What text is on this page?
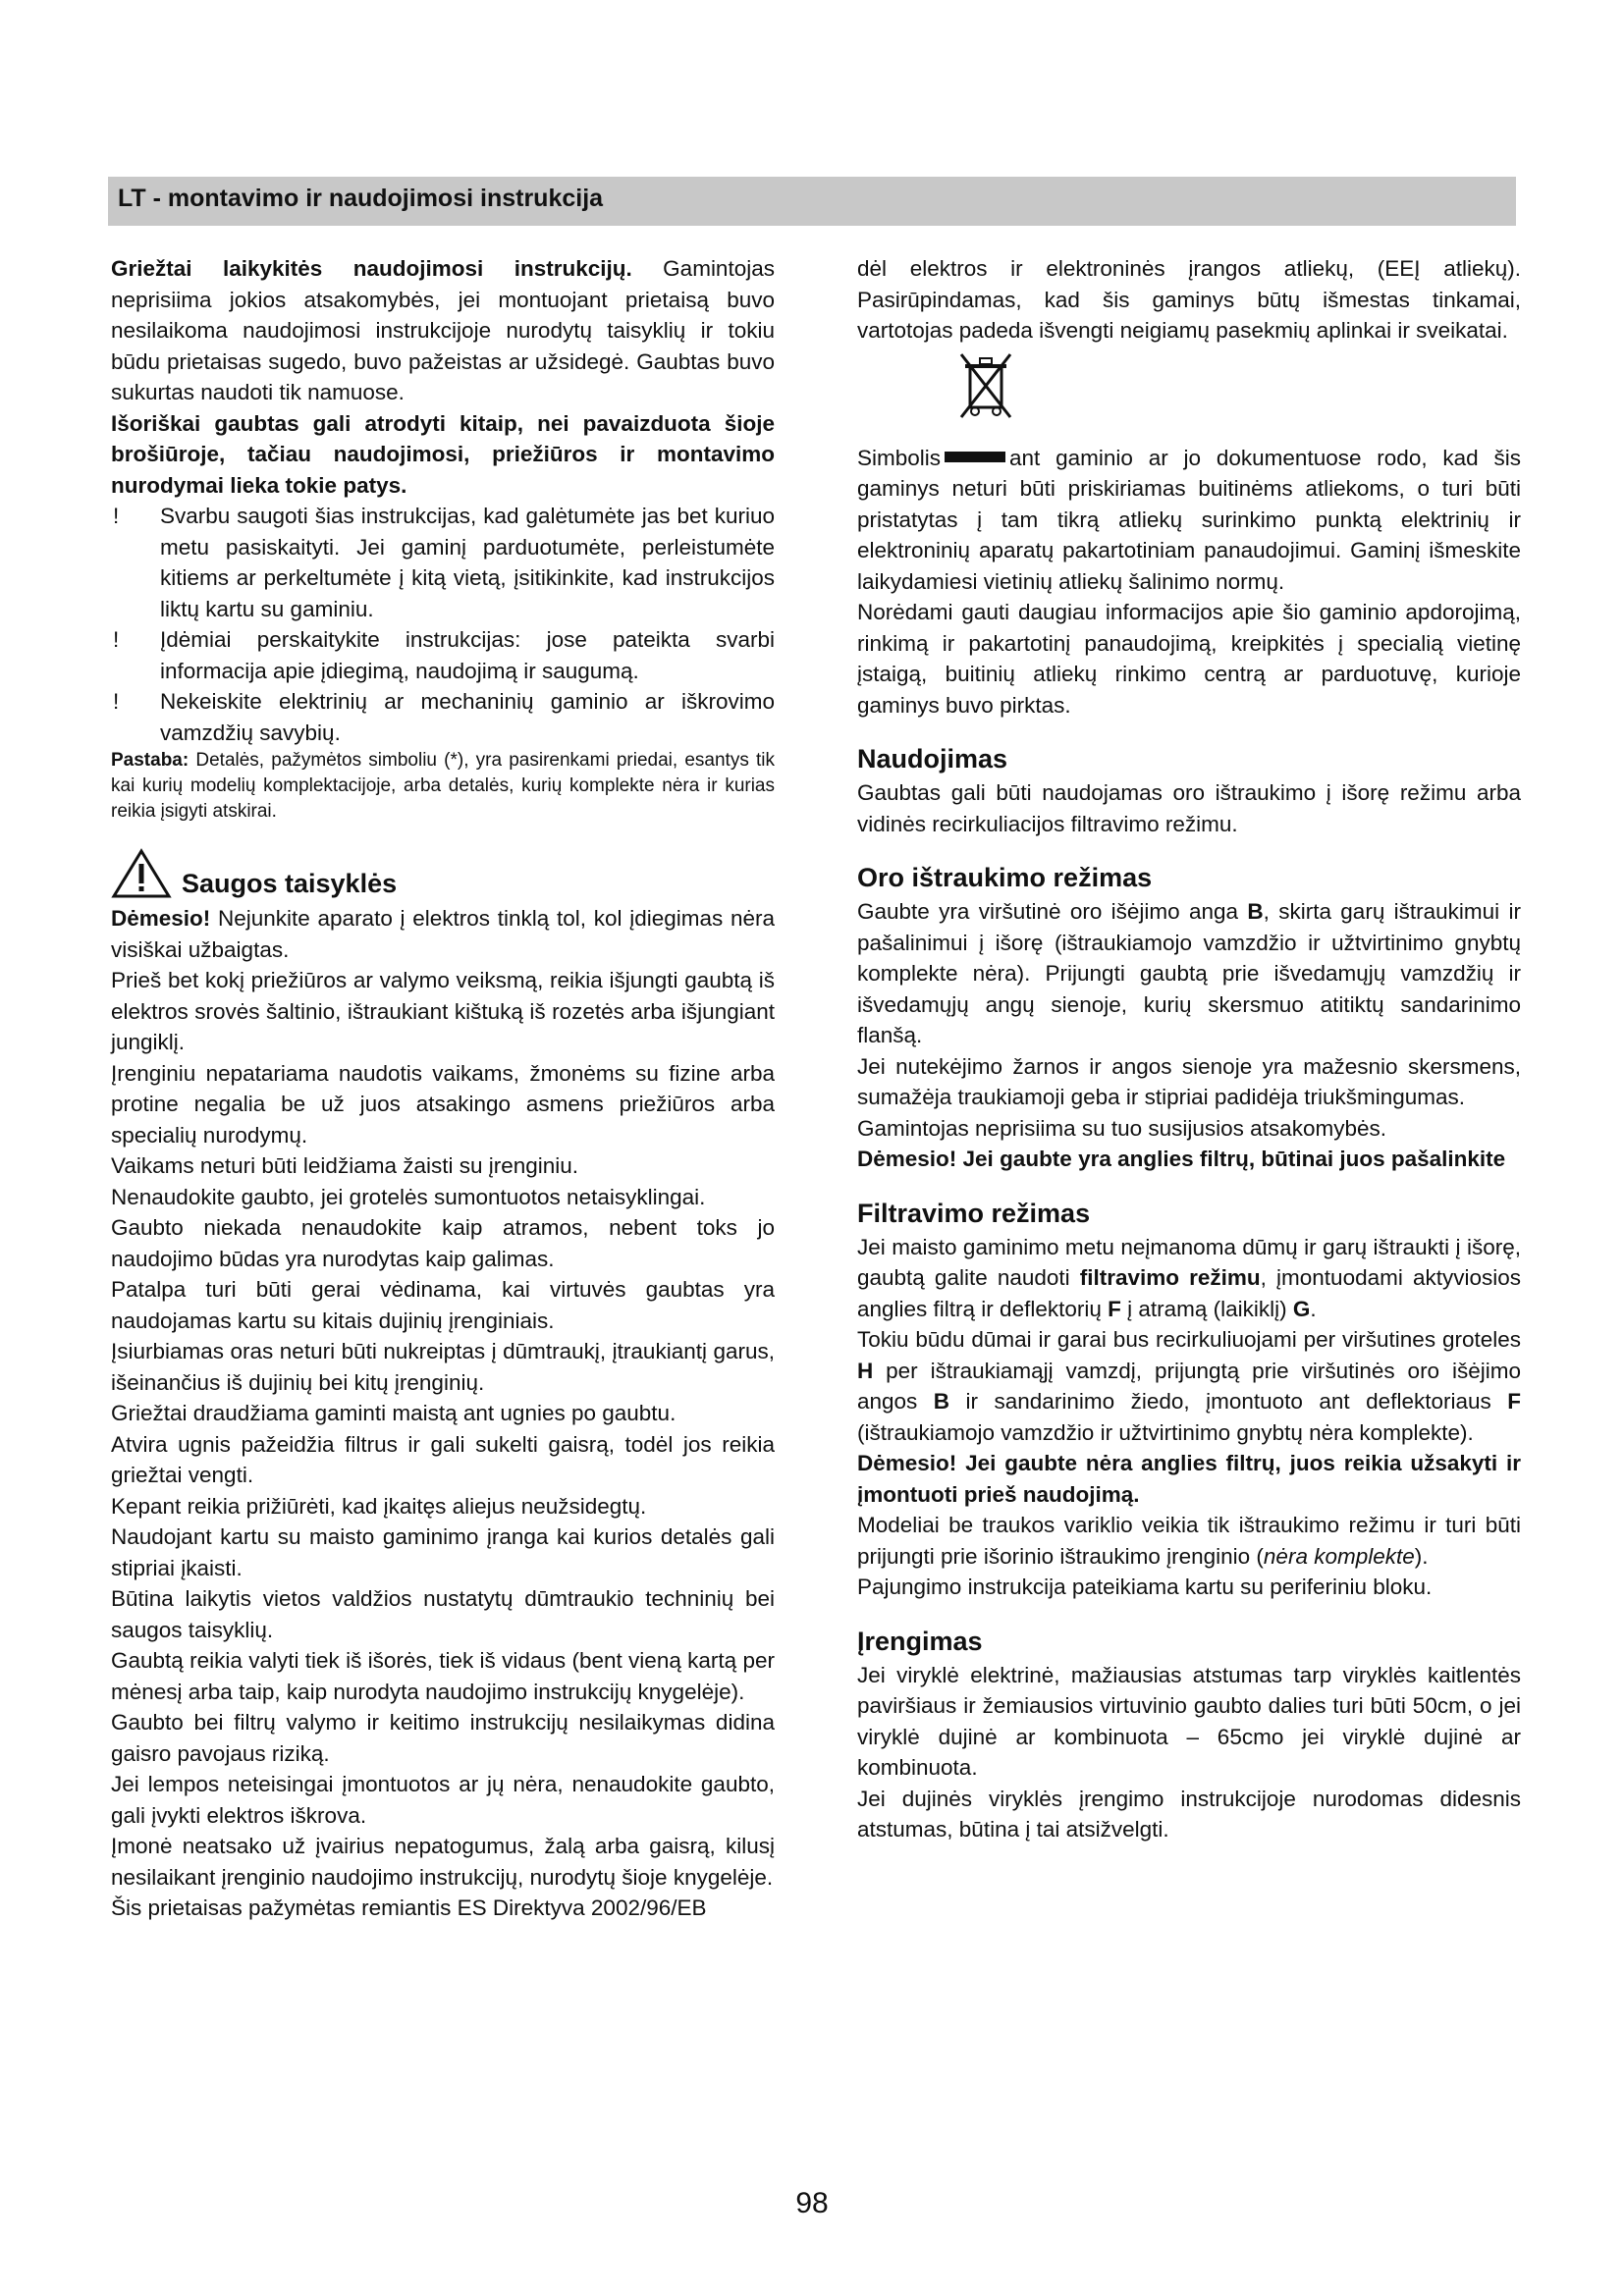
LT - montavimo ir naudojimosi instrukcija

Griežtai laikykitės naudojimosi instrukcijų. Gamintojas neprisiima jokios atsakomybės, jei montuojant prietaisą buvo nesilaikoma naudojimosi instrukcijoje nurodytų taisyklių ir tokiu būdu prietaisas sugedo, buvo pažeistas ar užsidegė. Gaubtas buvo sukurtas naudoti tik namuose.

Išoriškai gaubtas gali atrodyti kitaip, nei pavaizduota šioje brošiūroje, tačiau naudojimosi, priežiūros ir montavimo nurodymai lieka tokie patys.

! Svarbu saugoti šias instrukcijas, kad galėtumėte jas bet kuriuo metu pasiskaityti. Jei gaminį parduotumėte, perleistumėte kitiems ar perkeltumėte į kitą vietą, įsitikinkite, kad instrukcijos liktų kartu su gaminiu.
! Įdėmiai perskaitykite instrukcijas: jose pateikta svarbi informacija apie įdiegimą, naudojimą ir saugumą.
! Nekeiskite elektrinių ar mechaninių gaminio ar iškrovimo vamzdžių savybių.

Pastaba: Detalės, pažymėtos simboliu (*), yra pasirenkami priedai, esantys tik kai kurių modelių komplektacijoje, arba detalės, kurių komplekte nėra ir kurias reikia įsigyti atskirai.

Saugos taisyklės

Dėmesio! Nejunkite aparato į elektros tinklą tol, kol įdiegimas nėra visiškai užbaigtas.

Prieš bet kokį priežiūros ar valymo veiksmą, reikia išjungti gaubtą iš elektros srovės šaltinio, ištraukiant kištuką iš rozetės arba išjungiant jungiklį.

Įrenginiu nepatariama naudotis vaikams, žmonėms su fizine arba protine negalia be už juos atsakingo asmens priežiūros arba specialių nurodymų.

Vaikams neturi būti leidžiama žaisti su įrenginiu.

Nenaudokite gaubto, jei grotelės sumontuotos netaisyklingai.

Gaubto niekada nenaudokite kaip atramos, nebent toks jo naudojimo būdas yra nurodytas kaip galimas.

Patalpa turi būti gerai vėdinama, kai virtuvės gaubtas yra naudojamas kartu su kitais dujinių įrenginiais.

Įsiurbiamas oras neturi būti nukreiptas į dūmtraukį, įtraukiantį garus, išeinančius iš dujinių bei kitų įrenginių.

Griežtai draudžiama gaminti maistą ant ugnies po gaubtu.

Atvira ugnis pažeidžia filtrus ir gali sukelti gaisrą, todėl jos reikia griežtai vengti.

Kepant reikia prižiūrėti, kad įkaitęs aliejus neužsidegtų.

Naudojant kartu su maisto gaminimo įranga kai kurios detalės gali stipriai įkaisti.

Būtina laikytis vietos valdžios nustatytų dūmtraukio techninių bei saugos taisyklių.

Gaubtą reikia valyti tiek iš išorės, tiek iš vidaus (bent vieną kartą per mėnesį arba taip, kaip nurodyta naudojimo instrukcijų knygelėje).

Gaubto bei filtrų valymo ir keitimo instrukcijų nesilaikymas didina gaisro pavojaus riziką.

Jei lempos neteisingai įmontuotos ar jų nėra, nenaudokite gaubto, gali įvykti elektros iškrova.

Įmonė neatsako už įvairius nepatogumus, žalą arba gaisrą, kilusį nesilaikant įrenginio naudojimo instrukcijų, nurodytų šioje knygelėje.

Šis prietaisas pažymėtas remiantis ES Direktyva 2002/96/EB

dėl elektros ir elektroninės įrangos atliekų, (EEĮ atliekų). Pasirūpindamas, kad šis gaminys būtų išmestas tinkamai, vartotojas padeda išvengti neigiamų pasekmių aplinkai ir sveikatai.

Simbolis	ant gaminio ar jo dokumentuose rodo, kad šis gaminys neturi būti priskiriamas buitinėms atliekoms, o turi būti pristatytas į tam tikrą atliekų surinkimo punktą elektrinių ir elektroninių aparatų pakartotiniam panaudojimui. Gaminį išmeskite laikydamiesi vietinių atliekų šalinimo normų.

Norėdami gauti daugiau informacijos apie šio gaminio apdorojimą, rinkimą ir pakartotinį panaudojimą, kreipkitės į specialią vietinę įstaigą, buitinių atliekų rinkimo centrą ar parduotuvę, kurioje gaminys buvo pirktas.

Naudojimas

Gaubtas gali būti naudojamas oro ištraukimo į išorę režimu arba vidinės recirkuliacijos filtravimo režimu.

Oro ištraukimo režimas

Gaubte yra viršutinė oro išėjimo anga B, skirta garų ištraukimui ir pašalinimui į išorę (ištraukiamojo vamzdžio ir užtvirtinimo gnybtų komplekte nėra). Prijungti gaubtą prie išvedamųjų vamzdžių ir išvedamųjų angų sienoje, kurių skersmuo atitiktų sandarinimo flanšą.

Jei nutekėjimo žarnos ir angos sienoje yra mažesnio skersmens, sumažėja traukiamoji geba ir stipriai padidėja triukšmingumas.

Gamintojas neprisiima su tuo susijusios atsakomybės.

Dėmesio! Jei gaubte yra anglies filtrų, būtinai juos pašalinkite

Filtravimo režimas

Jei maisto gaminimo metu neįmanoma dūmų ir garų ištraukti į išorę, gaubtą galite naudoti filtravimo režimu, įmontuodami aktyviosios anglies filtrą ir deflektorių F į atramą (laikiklį) G.

Tokiu būdu dūmai ir garai bus recirkuliuojami per viršutines groteles H per ištraukiamąjį vamzdį, prijungtą prie viršutinės oro išėjimo angos B ir sandarinimo žiedo, įmontuoto ant deflektoriaus F (ištraukiamojo vamzdžio ir užtvirtinimo gnybtų nėra komplekte).

Dėmesio! Jei gaubte nėra anglies filtrų, juos reikia užsakyti ir įmontuoti prieš naudojimą.

Modeliai be traukos variklio veikia tik ištraukimo režimu ir turi būti prijungti prie išorinio ištraukimo įrenginio (nėra komplekte).

Pajungimo instrukcija pateikiama kartu su periferiniu bloku.

Įrengimas

Jei viryklė elektrinė, mažiausias atstumas tarp viryklės kaitlentės paviršiaus ir žemiausios virtuvinio gaubto dalies turi būti 50cm, o jei viryklė dujinė ar kombinuota – 65cmo jei viryklė dujinė ar kombinuota.

Jei dujinės viryklės įrengimo instrukcijoje nurodomas didesnis atstumas, būtina į tai atsižvelgti.

98
